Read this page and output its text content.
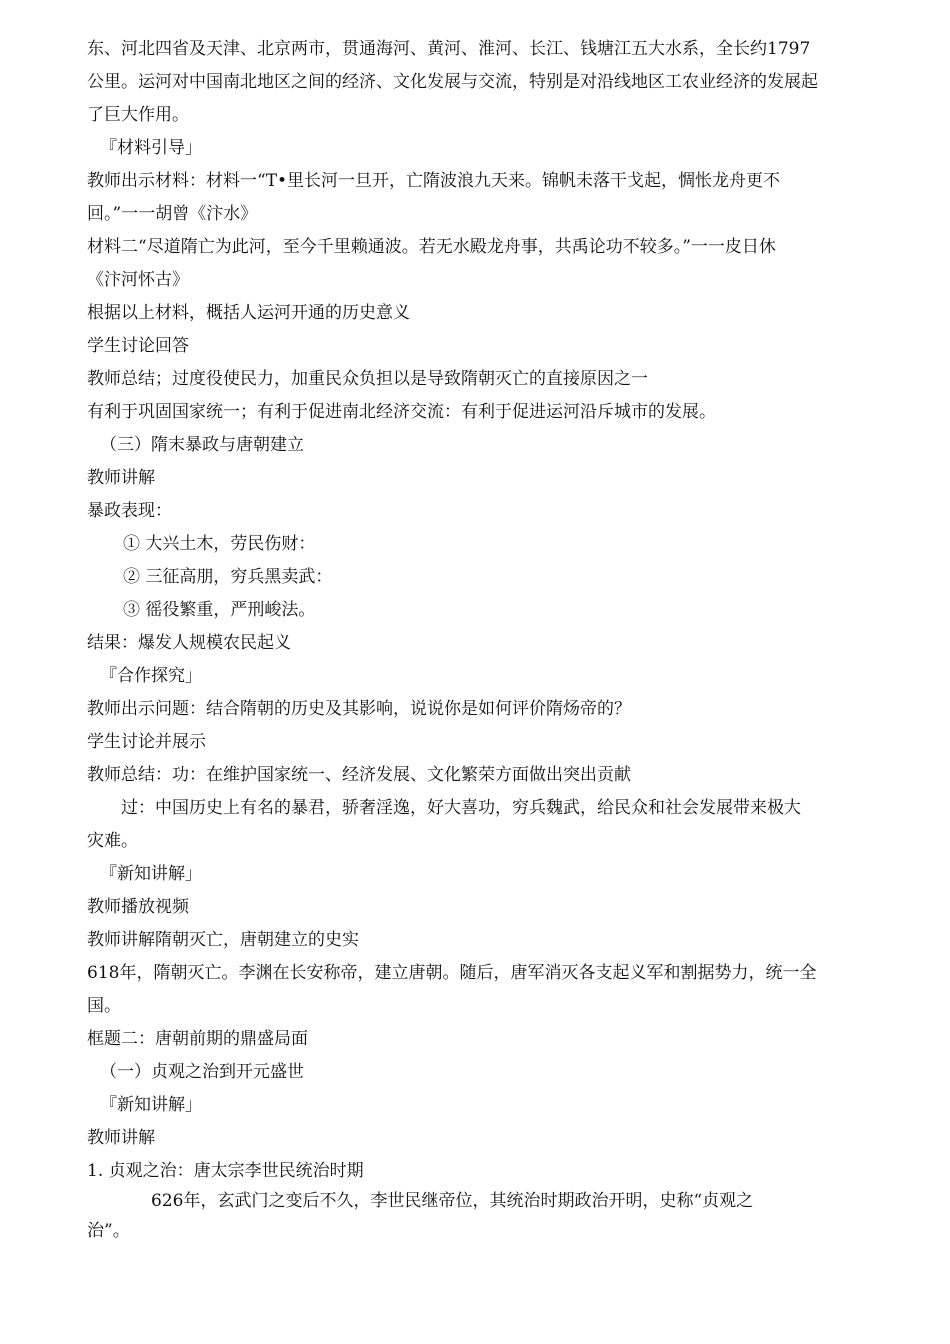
东、河北四省及天津、北京两市，贯通海河、黄河、淮河、长江、钱塘江五大水系，全长约1797
公里。运河对中国南北地区之间的经济、文化发展与交流，特别是对沿线地区工农业经济的发展起
了巨大作用。
『材料引导」
教师出示材料：材料一“T•里长河一旦开，亡隋波浪九天来。锦帆未落干戈起，惆怅龙舟更不
回。”一一胡曾《汴水》
材料二“尽道隋亡为此河，至今千里赖通波。若无水殿龙舟事，共禹论功不较多。”一一皮日休
《汴河怀古》
根据以上材料，概括人运河开通的历史意义
学生讨论回答
教师总结；过度役使民力，加重民众负担以是导致隋朝灭亡的直接原因之一
有利于巩固国家统一；有利于促进南北经济交流：有利于促进运河沿斥城市的发展。
（三）隋末暴政与唐朝建立
教师讲解
暴政表现：
① 大兴土木，劳民伤财：
② 三征高朋，穷兵黑卖武：
③ 徭役繁重，严刑峻法。
结果：爆发人规模农民起义
『合作探究」
教师出示问题：结合隋朝的历史及其影响，说说你是如何评价隋炀帝的？
学生讨论并展示
教师总结：功：在维护国家统一、经济发展、文化繁荣方面做出突出贡献
过：中国历史上有名的暴君，骄奢淫逸，好大喜功，穷兵魏武，给民众和社会发展带来极大
灾难。
『新知讲解」
教师播放视频
教师讲解隋朝灭亡，唐朝建立的史实
618年，隋朝灭亡。李渊在长安称帝，建立唐朝。随后，唐军消灭各支起义军和割据势力，统一全
国。
框题二：唐朝前期的鼎盛局面
（一）贞观之治到开元盛世
『新知讲解」
教师讲解
1. 贞观之治：唐太宗李世民统治时期
626年，玄武门之变后不久，李世民继帝位，其统治时期政治开明，史称“贞观之
治”。
